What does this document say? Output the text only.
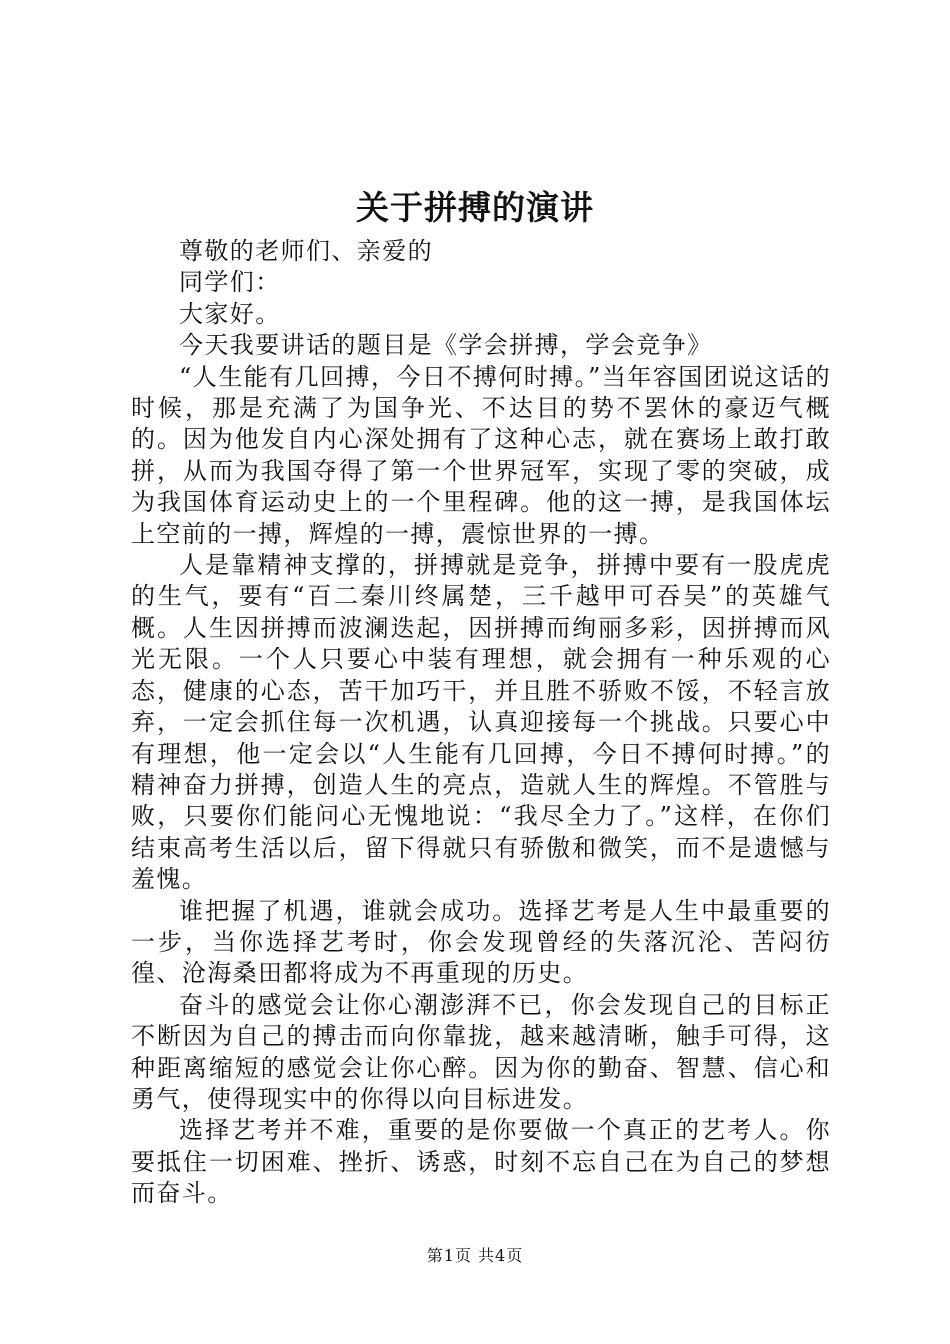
关于拼搏的演讲

尊敬的老师们、亲爱的

同学们：

大家好。

今天我要讲话的题目是《学会拼搏，学会竞争》

“人生能有几回搏，今日不搏何时搏。”当年容国团说这话的时候，那是充满了为国争光、不达目的势不罢休的豪迈气概的。因为他发自内心深处拥有了这种心志，就在赛场上敢打敢拼，从而为我国夺得了第一个世界冠军，实现了零的突破，成为我国体育运动史上的一个里程碑。他的这一搏，是我国体坛上空前的一搏，辉煌的一搏，震惊世界的一搏。

人是靠精神支撑的，拼搏就是竞争，拼搏中要有一股虎虎的生气，要有“百二秦川终属楚，三千越甲可吞吴”的英雄气概。人生因拼搏而波澜迭起，因拼搏而绚丽多彩，因拼搏而风光无限。一个人只要心中装有理想，就会拥有一种乐观的心态，健康的心态，苦干加巧干，并且胜不骄败不馁，不轻言放弃，一定会抓住每一次机遇，认真迎接每一个挑战。只要心中有理想，他一定会以“人生能有几回搏，今日不搏何时搏。”的精神奋力拼搏，创造人生的亮点，造就人生的辉煌。不管胜与败，只要你们能问心无愧地说：“我尽全力了。”这样，在你们结束高考生活以后，留下得就只有骄傲和微笑，而不是遗憾与羞愧。

谁把握了机遇，谁就会成功。选择艺考是人生中最重要的一步，当你选择艺考时，你会发现曾经的失落沉沦、苦闷彷徨、沧海桑田都将成为不再重现的历史。

奋斗的感觉会让你心潮澎湃不已，你会发现自己的目标正不断因为自己的搏击而向你靠拢，越来越清晰，触手可得，这种距离缩短的感觉会让你心醉。因为你的勤奋、智慧、信心和勇气，使得现实中的你得以向目标进发。

选择艺考并不难，重要的是你要做一个真正的艺考人。你要抵住一切困难、挫折、诱惑，时刻不忘自己在为自己的梦想而奋斗。

第1页 共4页
